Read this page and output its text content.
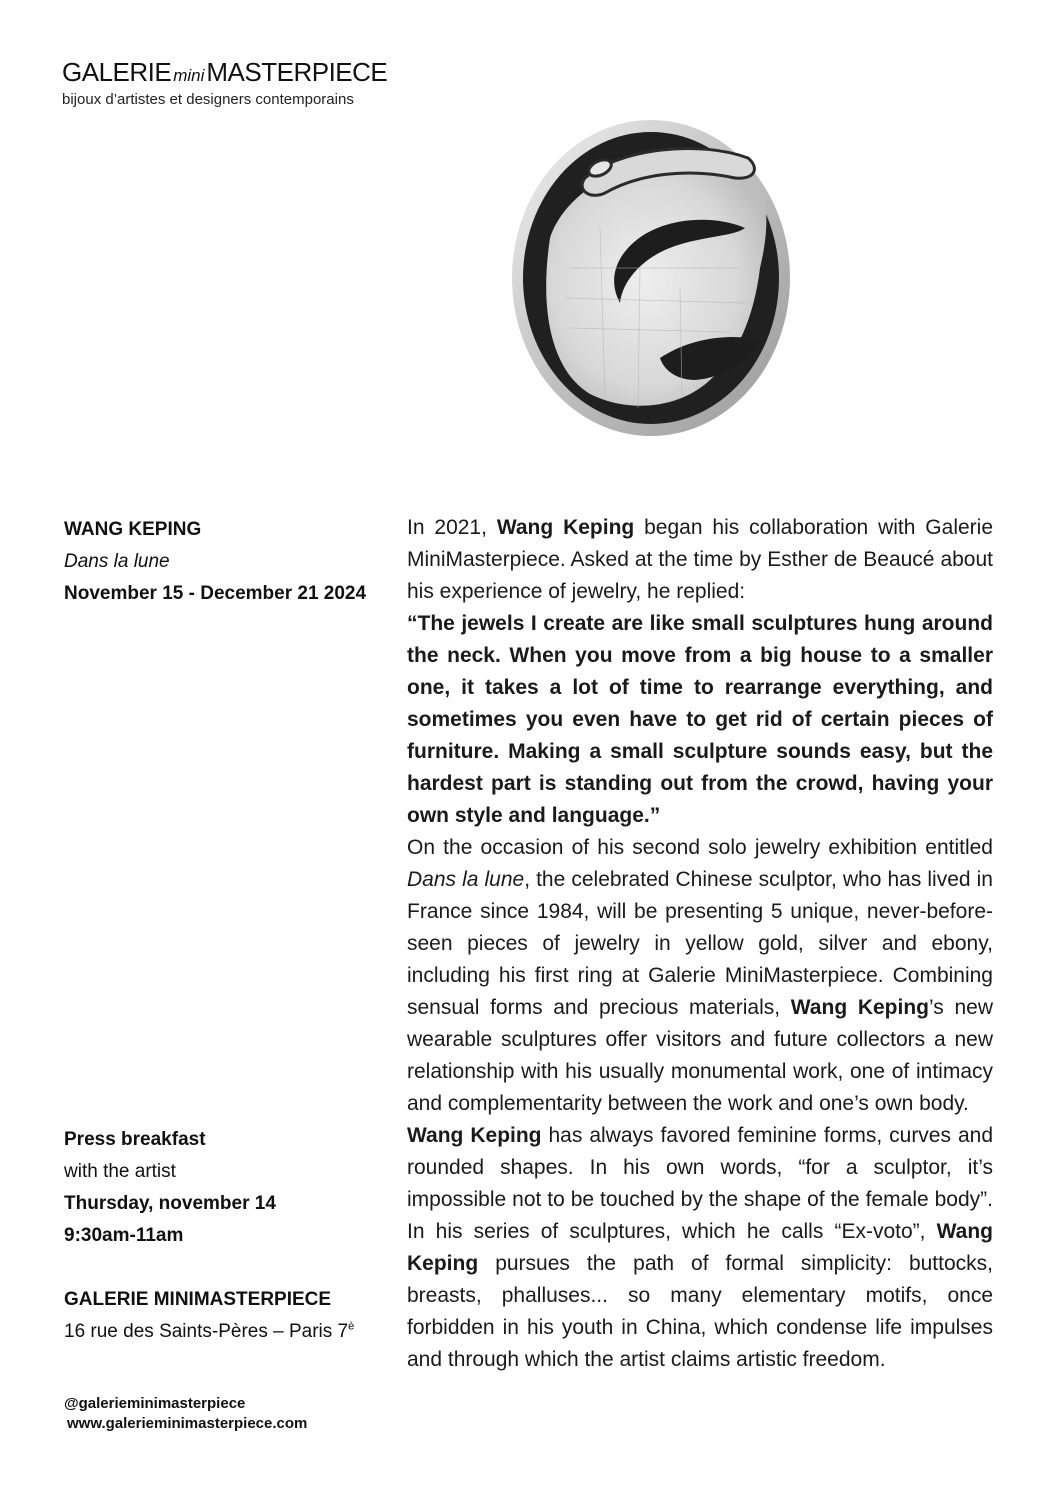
GALERIE miniMASTERPIECE
bijoux d’artistes et designers contemporains
WANG KEPING
Dans la lune
November 15 - December 21 2024
Press breakfast
with the artist
Thursday, november 14
9:30am-11am
GALERIE MINIMASTERPIECE
16 rue des Saints-Pères – Paris $7^è$
@galerieminimasterpiece
www.galerieminimasterpiece.com

In 2021, Wang Keping began his collaboration with Galerie MiniMasterpiece. Asked at the time by Esther de Beaucé about his experience of jewelry, he replied:

“The jewels I create are like small sculptures hung around the neck. When you move from a big house to a smaller one, it takes a lot of time to rearrange everything, and sometimes you even have to get rid of certain pieces of furniture. Making a small sculpture sounds easy, but the hardest part is standing out from the crowd, having your own style and language.”

On the occasion of his second solo jewelry exhibition entitled Dans la lune, the celebrated Chinese sculptor, who has lived in France since 1984, will be presenting 5 unique, never-before-seen pieces of jewelry in yellow gold, silver and ebony, including his first ring at Galerie MiniMasterpiece. Combining sensual forms and precious materials, Wang Keping’s new wearable sculptures offer visitors and future collectors a new relationship with his usually monumental work, one of intimacy and complementarity between the work and one’s own body.

Wang Keping has always favored feminine forms, curves and rounded shapes. In his own words, “for a sculptor, it’s impossible not to be touched by the shape of the female body”. In his series of sculptures, which he calls “Ex-voto”, Wang Keping pursues the path of formal simplicity: buttocks, breasts, phalluses... so many elementary motifs, once forbidden in his youth in China, which condense life impulses and through which the artist claims artistic freedom.
